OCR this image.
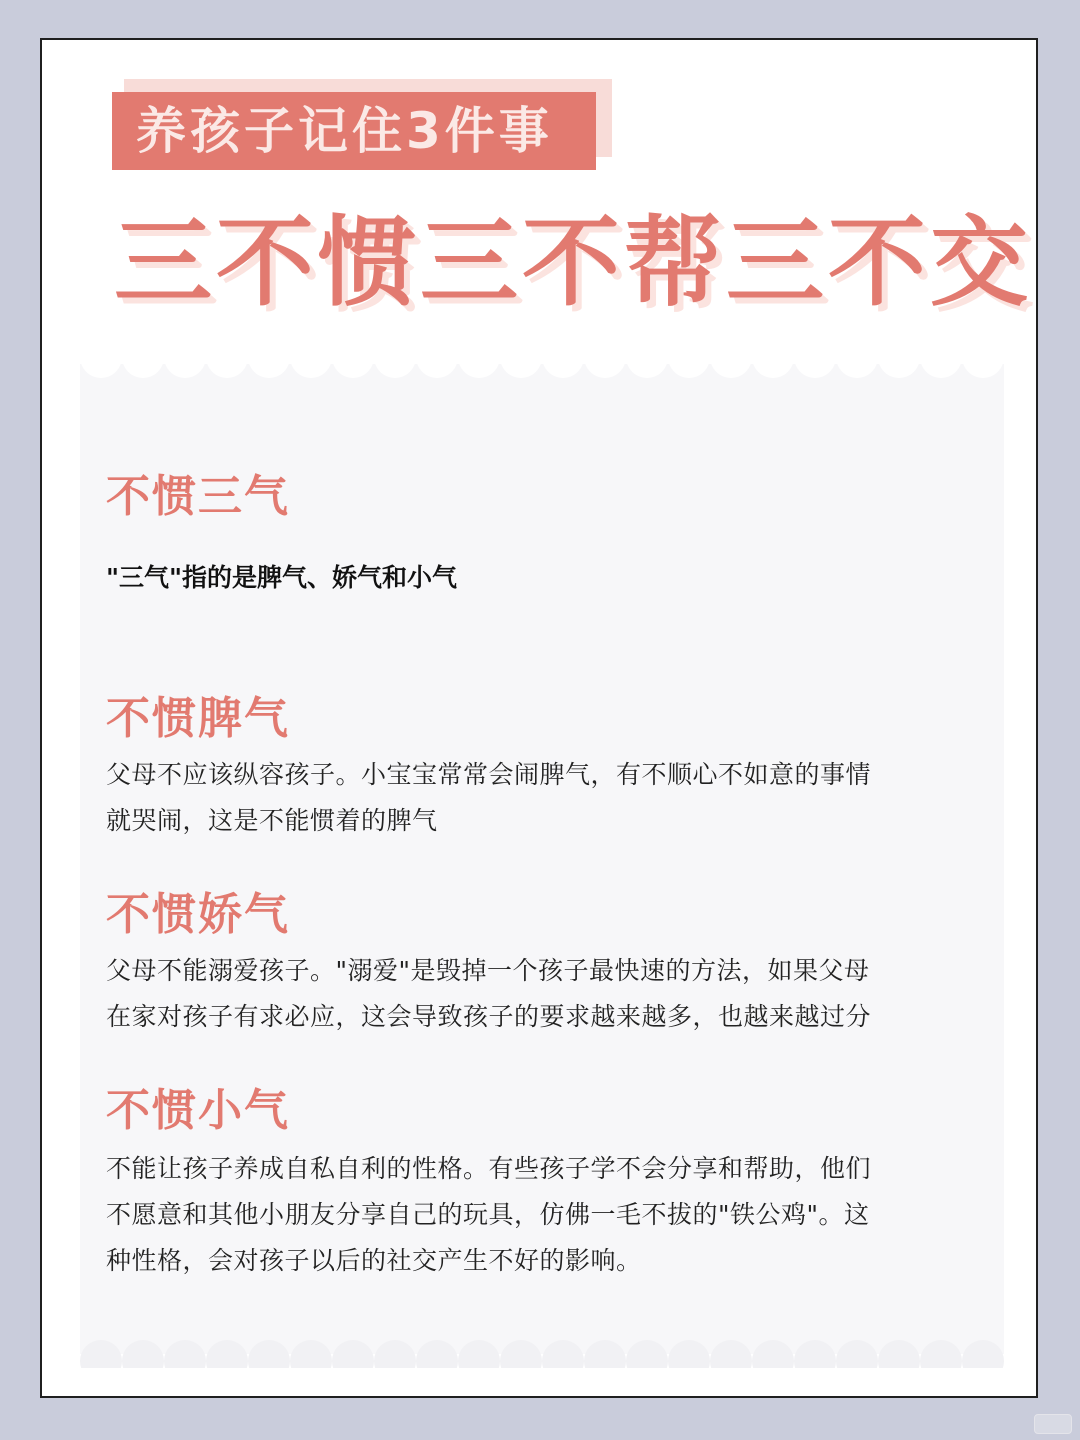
养孩子记住3件事
三不惯三不帮三不交
不惯三气
"三气"指的是脾气、娇气和小气
不惯脾气
父母不应该纵容孩子。小宝宝常常会闹脾气，有不顺心不如意的事情
就哭闹，这是不能惯着的脾气
不惯娇气
父母不能溺爱孩子。"溺爱"是毁掉一个孩子最快速的方法，如果父母
在家对孩子有求必应，这会导致孩子的要求越来越多，也越来越过分
不惯小气
不能让孩子养成自私自利的性格。有些孩子学不会分享和帮助，他们
不愿意和其他小朋友分享自己的玩具，仿佛一毛不拔的"铁公鸡"。这
种性格，会对孩子以后的社交产生不好的影响。
